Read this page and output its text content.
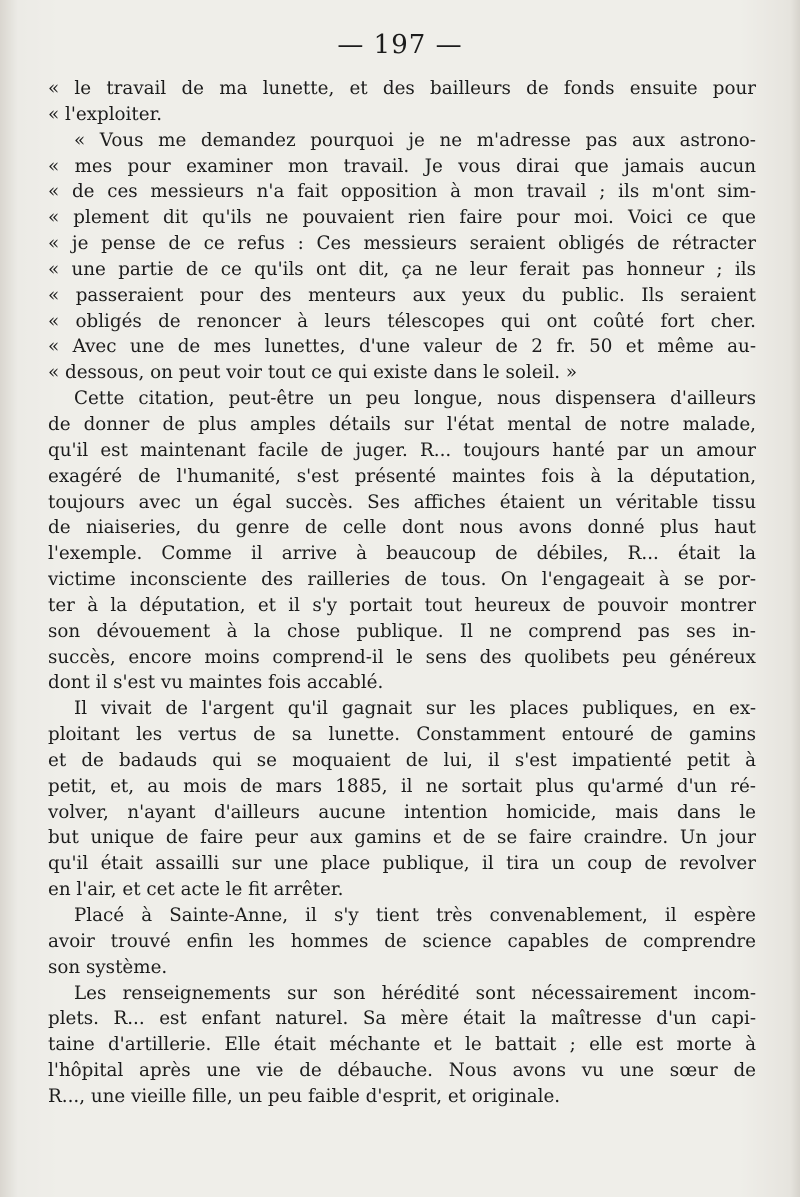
— 197 —
« le travail de ma lunette, et des bailleurs de fonds ensuite pour
« l'exploiter.
« Vous me demandez pourquoi je ne m'adresse pas aux astrono-
« mes pour examiner mon travail. Je vous dirai que jamais aucun
« de ces messieurs n'a fait opposition à mon travail ; ils m'ont sim-
« plement dit qu'ils ne pouvaient rien faire pour moi. Voici ce que
« je pense de ce refus : Ces messieurs seraient obligés de rétracter
« une partie de ce qu'ils ont dit, ça ne leur ferait pas honneur ; ils
« passeraient pour des menteurs aux yeux du public. Ils seraient
« obligés de renoncer à leurs télescopes qui ont coûté fort cher.
« Avec une de mes lunettes, d'une valeur de 2 fr. 50 et même au-
« dessous, on peut voir tout ce qui existe dans le soleil. »
Cette citation, peut-être un peu longue, nous dispensera d'ailleurs
de donner de plus amples détails sur l'état mental de notre malade,
qu'il est maintenant facile de juger. R... toujours hanté par un amour
exagéré de l'humanité, s'est présenté maintes fois à la députation,
toujours avec un égal succès. Ses affiches étaient un véritable tissu
de niaiseries, du genre de celle dont nous avons donné plus haut
l'exemple. Comme il arrive à beaucoup de débiles, R... était la
victime inconsciente des railleries de tous. On l'engageait à se por-
ter à la députation, et il s'y portait tout heureux de pouvoir montrer
son dévouement à la chose publique. Il ne comprend pas ses in-
succès, encore moins comprend-il le sens des quolibets peu généreux
dont il s'est vu maintes fois accablé.
Il vivait de l'argent qu'il gagnait sur les places publiques, en ex-
ploitant les vertus de sa lunette. Constamment entouré de gamins
et de badauds qui se moquaient de lui, il s'est impatienté petit à
petit, et, au mois de mars 1885, il ne sortait plus qu'armé d'un ré-
volver, n'ayant d'ailleurs aucune intention homicide, mais dans le
but unique de faire peur aux gamins et de se faire craindre. Un jour
qu'il était assailli sur une place publique, il tira un coup de revolver
en l'air, et cet acte le fit arrêter.
Placé à Sainte-Anne, il s'y tient très convenablement, il espère
avoir trouvé enfin les hommes de science capables de comprendre
son système.
Les renseignements sur son hérédité sont nécessairement incom-
plets. R... est enfant naturel. Sa mère était la maîtresse d'un capi-
taine d'artillerie. Elle était méchante et le battait ; elle est morte à
l'hôpital après une vie de débauche. Nous avons vu une sœur de
R..., une vieille fille, un peu faible d'esprit, et originale.
